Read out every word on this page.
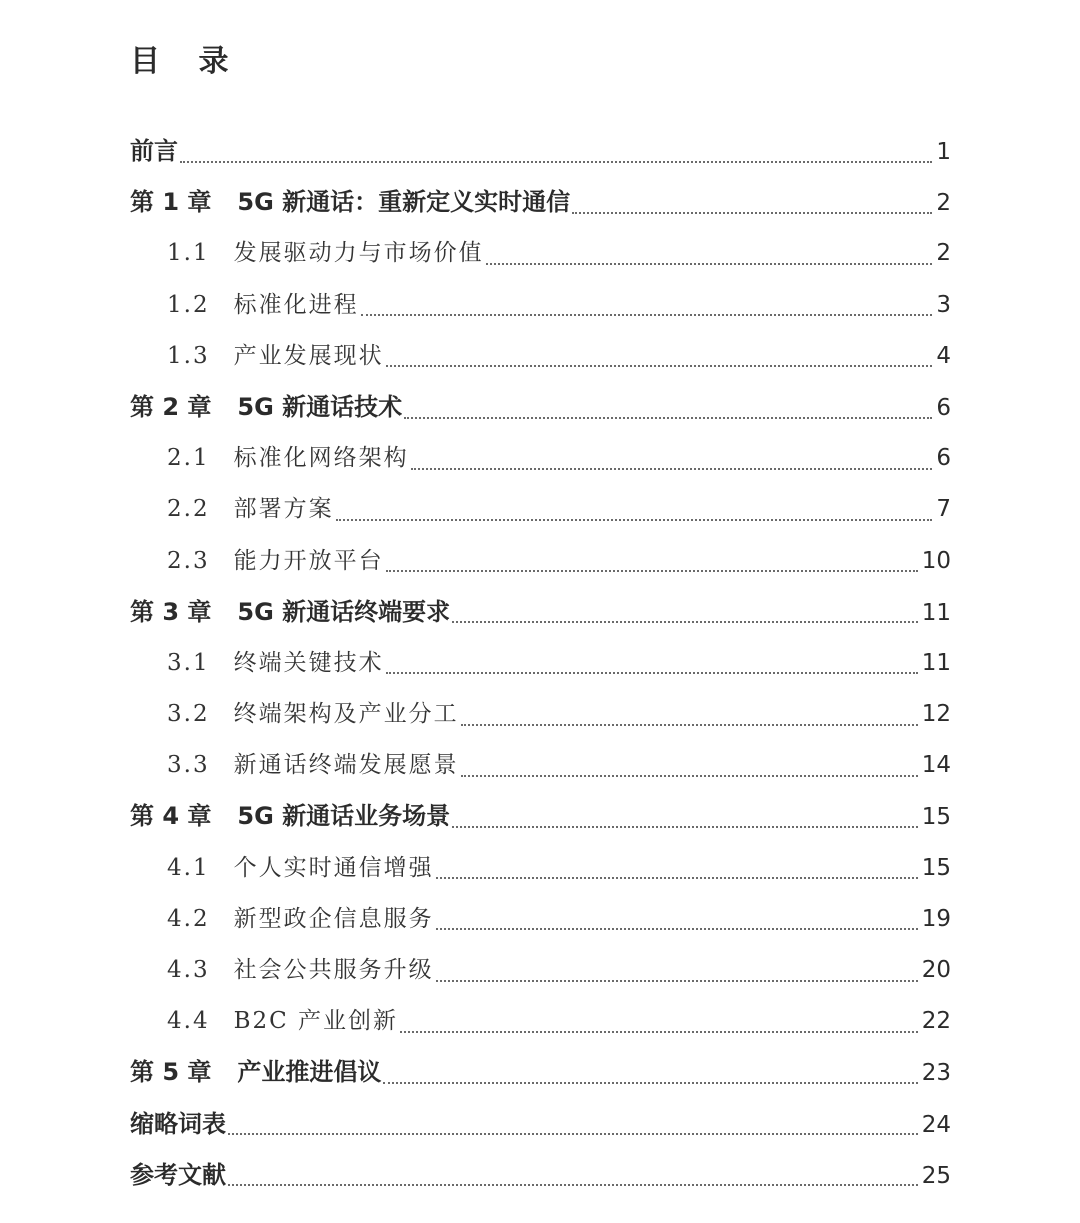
目 录
前言	1
第 1 章 5G 新通话：重新定义实时通信	2
1.1 发展驱动力与市场价值	2
1.2 标准化进程	3
1.3 产业发展现状	4
第 2 章 5G 新通话技术	6
2.1 标准化网络架构	6
2.2 部署方案	7
2.3 能力开放平台	10
第 3 章 5G 新通话终端要求	11
3.1 终端关键技术	11
3.2 终端架构及产业分工	12
3.3 新通话终端发展愿景	14
第 4 章 5G 新通话业务场景	15
4.1 个人实时通信增强	15
4.2 新型政企信息服务	19
4.3 社会公共服务升级	20
4.4 B2C 产业创新	22
第 5 章 产业推进倡议	23
缩略词表	24
参考文献	25
